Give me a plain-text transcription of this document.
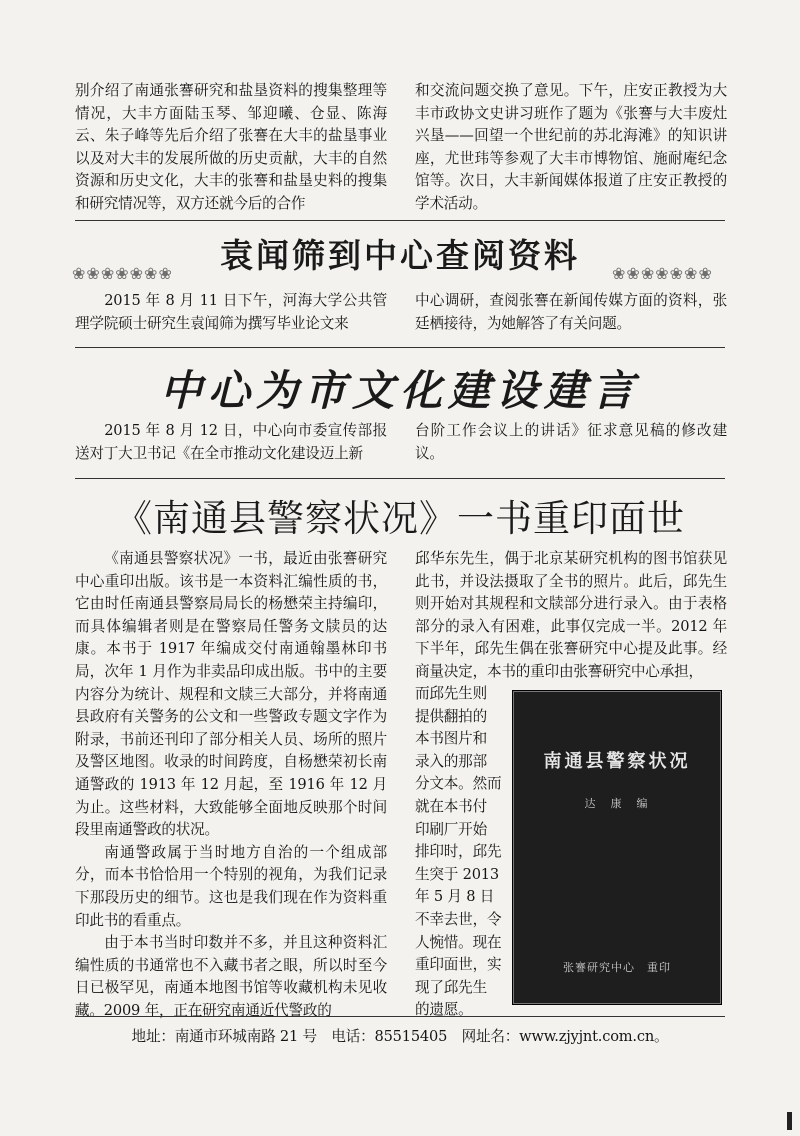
别介绍了南通张謇研究和盐垦资料的搜集整理等情况，大丰方面陆玉琴、邹迎曦、仓显、陈海云、朱子峰等先后介绍了张謇在大丰的盐垦事业以及对大丰的发展所做的历史贡献，大丰的自然资源和历史文化，大丰的张謇和盐垦史料的搜集和研究情况等，双方还就今后的合作

和交流问题交换了意见。下午，庄安正教授为大丰市政协文史讲习班作了题为《张謇与大丰废灶兴垦——回望一个世纪前的苏北海滩》的知识讲座，尤世玮等参观了大丰市博物馆、施耐庵纪念馆等。次日，大丰新闻媒体报道了庄安正教授的学术活动。

袁闻筛到中心查阅资料
❀❀❀❀❀❀❀	❀❀❀❀❀❀❀

2015 年 8 月 11 日下午，河海大学公共管理学院硕士研究生袁闻筛为撰写毕业论文来

中心调研，查阅张謇在新闻传媒方面的资料，张廷栖接待，为她解答了有关问题。

中心为市文化建设建言

2015 年 8 月 12 日，中心向市委宣传部报送对丁大卫书记《在全市推动文化建设迈上新

台阶工作会议上的讲话》征求意见稿的修改建议。

《南通县警察状况》一书重印面世

《南通县警察状况》一书，最近由张謇研究中心重印出版。该书是一本资料汇编性质的书，它由时任南通县警察局局长的杨懋荣主持编印，而具体编辑者则是在警察局任警务文牍员的达康。本书于 1917 年编成交付南通翰墨林印书局，次年 1 月作为非卖品印成出版。书中的主要内容分为统计、规程和文牍三大部分，并将南通县政府有关警务的公文和一些警政专题文字作为附录，书前还刊印了部分相关人员、场所的照片及警区地图。收录的时间跨度，自杨懋荣初长南通警政的 1913 年 12 月起，至 1916 年 12 月为止。这些材料，大致能够全面地反映那个时间段里南通警政的状况。

南通警政属于当时地方自治的一个组成部分，而本书恰恰用一个特别的视角，为我们记录下那段历史的细节。这也是我们现在作为资料重印此书的看重点。

由于本书当时印数并不多，并且这种资料汇编性质的书通常也不入藏书者之眼，所以时至今日已极罕见，南通本地图书馆等收藏机构未见收藏。2009 年，正在研究南通近代警政的

邱华东先生，偶于北京某研究机构的图书馆获见此书，并设法摄取了全书的照片。此后，邱先生则开始对其规程和文牍部分进行录入。由于表格部分的录入有困难，此事仅完成一半。2012 年下半年，邱先生偶在张謇研究中心提及此事。经商量决定，本书的重印由张謇研究中心承担，

而邱先生则
提供翻拍的
本书图片和
录入的那部
分文本。然而
就在本书付
印刷厂开始
排印时，邱先
生突于 2013
年 5 月 8 日
不幸去世，令
人惋惜。现在
重印面世，实
现了邱先生
的遗愿。
南通县警察状况
达　康　编
张謇研究中心　重印
地址：南通市环城南路 21 号　电话：85515405　网址名：www.zjyjnt.com.cn。
